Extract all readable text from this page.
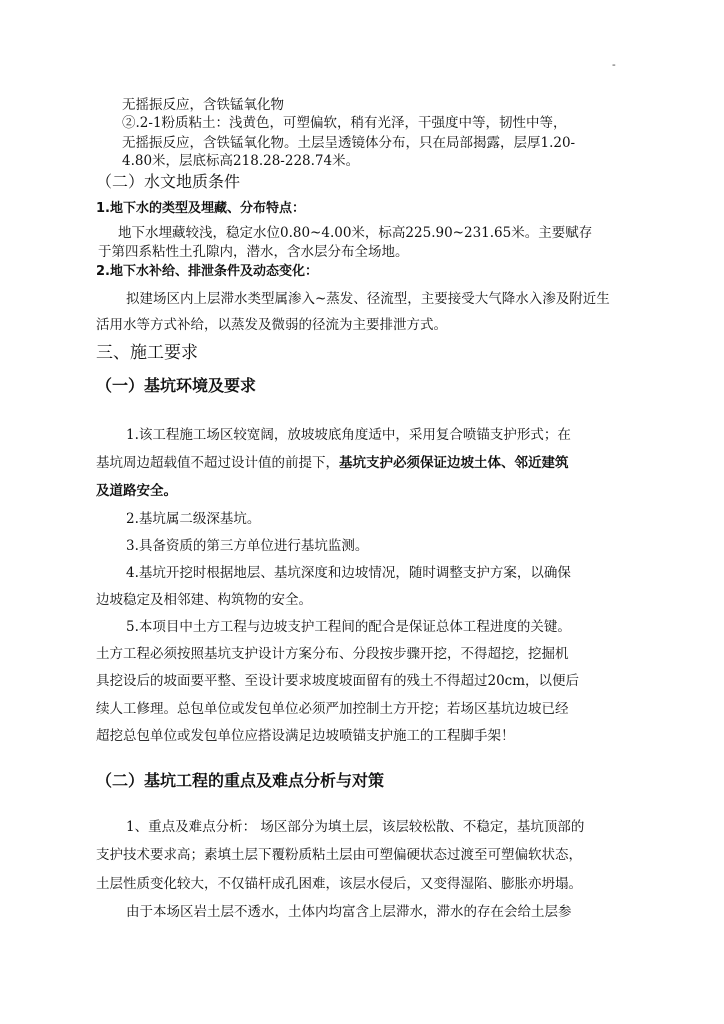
-
无摇振反应，含铁锰氧化物
②.2-1粉质粘土：浅黄色，可塑偏软，稍有光泽，干强度中等，韧性中等，
无摇振反应，含铁锰氧化物。土层呈透镜体分布，只在局部揭露，层厚1.20-
4.80米，层底标高218.28-228.74米。
（二）水文地质条件
1.地下水的类型及埋藏、分布特点：
地下水埋藏较浅，稳定水位0.80~4.00米，标高225.90~231.65米。主要赋存
于第四系粘性土孔隙内，潜水，含水层分布全场地。
2.地下水补给、排泄条件及动态变化：
拟建场区内上层滞水类型属渗入~蒸发、径流型，主要接受大气降水入渗及附近生
活用水等方式补给，以蒸发及微弱的径流为主要排泄方式。
三、施工要求
（一）基坑环境及要求
1.该工程施工场区较宽阔，放坡坡底角度适中，采用复合喷锚支护形式；在
基坑周边超载值不超过设计值的前提下，基坑支护必须保证边坡土体、邻近建筑
及道路安全。
2.基坑属二级深基坑。
3.具备资质的第三方单位进行基坑监测。
4.基坑开挖时根据地层、基坑深度和边坡情况，随时调整支护方案，以确保
边坡稳定及相邻建、构筑物的安全。
5.本项目中土方工程与边坡支护工程间的配合是保证总体工程进度的关键。
土方工程必须按照基坑支护设计方案分布、分段按步骤开挖，不得超挖，挖掘机
具挖设后的坡面要平整、至设计要求坡度坡面留有的残土不得超过20cm，以便后
续人工修理。总包单位或发包单位必须严加控制土方开挖；若场区基坑边坡已经
超挖总包单位或发包单位应搭设满足边坡喷锚支护施工的工程脚手架！
（二）基坑工程的重点及难点分析与对策
1、重点及难点分析： 场区部分为填土层，该层较松散、不稳定，基坑顶部的
支护技术要求高；素填土层下覆粉质粘土层由可塑偏硬状态过渡至可塑偏软状态，
土层性质变化较大，不仅锚杆成孔困难，该层水侵后，又变得湿陷、膨胀亦坍塌。
由于本场区岩土层不透水，土体内均富含上层滞水，滞水的存在会给土层参
